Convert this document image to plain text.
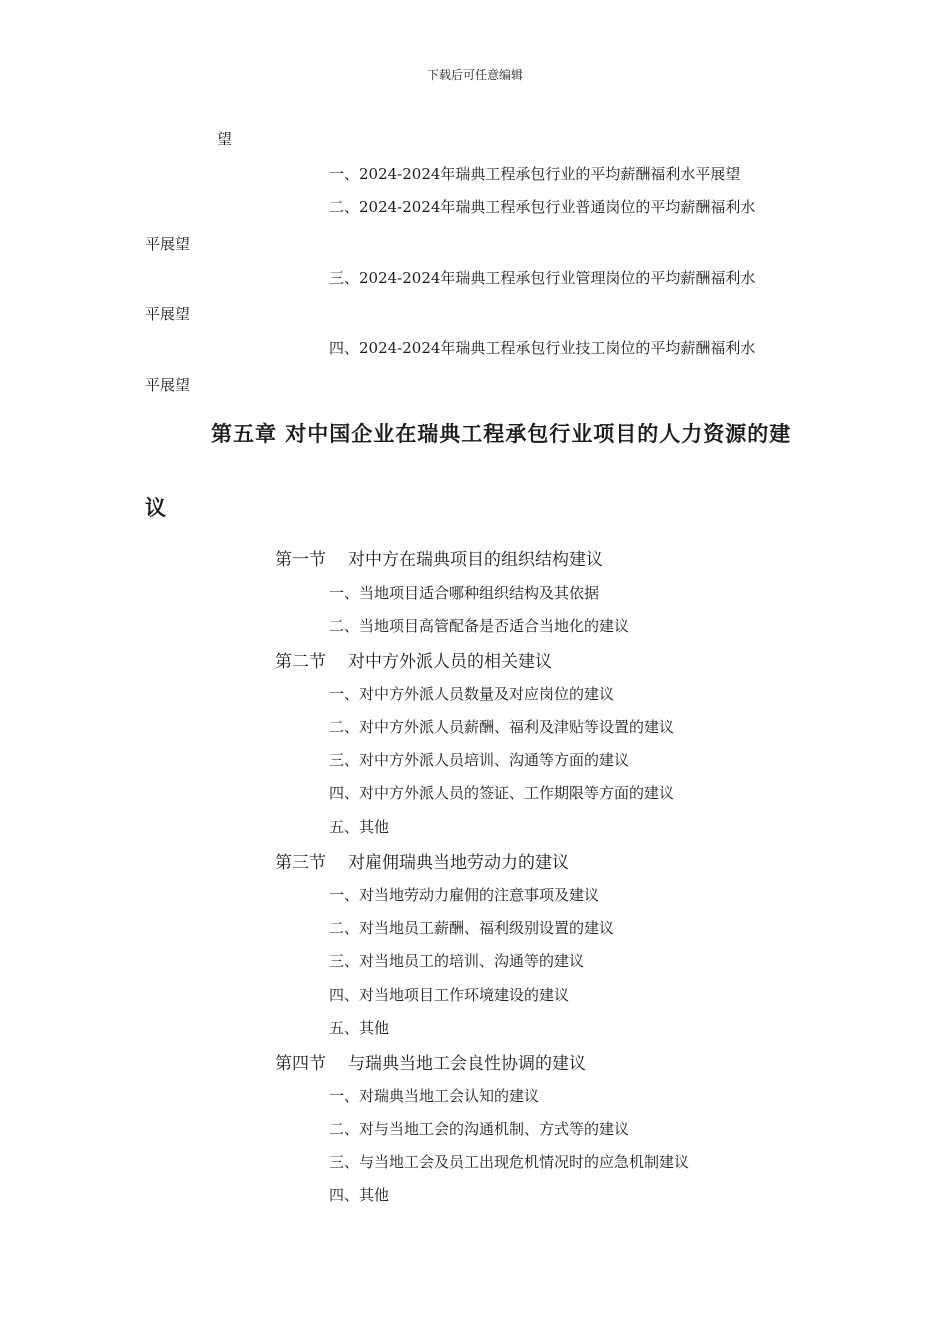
下载后可任意编辑
望
一、2024-2024年瑞典工程承包行业的平均薪酬福利水平展望
二、2024-2024年瑞典工程承包行业普通岗位的平均薪酬福利水
平展望
三、2024-2024年瑞典工程承包行业管理岗位的平均薪酬福利水
平展望
四、2024-2024年瑞典工程承包行业技工岗位的平均薪酬福利水
平展望
第五章 对中国企业在瑞典工程承包行业项目的人力资源的建
议
第一节 对中方在瑞典项目的组织结构建议
一、当地项目适合哪种组织结构及其依据
二、当地项目高管配备是否适合当地化的建议
第二节 对中方外派人员的相关建议
一、对中方外派人员数量及对应岗位的建议
二、对中方外派人员薪酬、福利及津贴等设置的建议
三、对中方外派人员培训、沟通等方面的建议
四、对中方外派人员的签证、工作期限等方面的建议
五、其他
第三节 对雇佣瑞典当地劳动力的建议
一、对当地劳动力雇佣的注意事项及建议
二、对当地员工薪酬、福利级别设置的建议
三、对当地员工的培训、沟通等的建议
四、对当地项目工作环境建设的建议
五、其他
第四节 与瑞典当地工会良性协调的建议
一、对瑞典当地工会认知的建议
二、对与当地工会的沟通机制、方式等的建议
三、与当地工会及员工出现危机情况时的应急机制建议
四、其他
